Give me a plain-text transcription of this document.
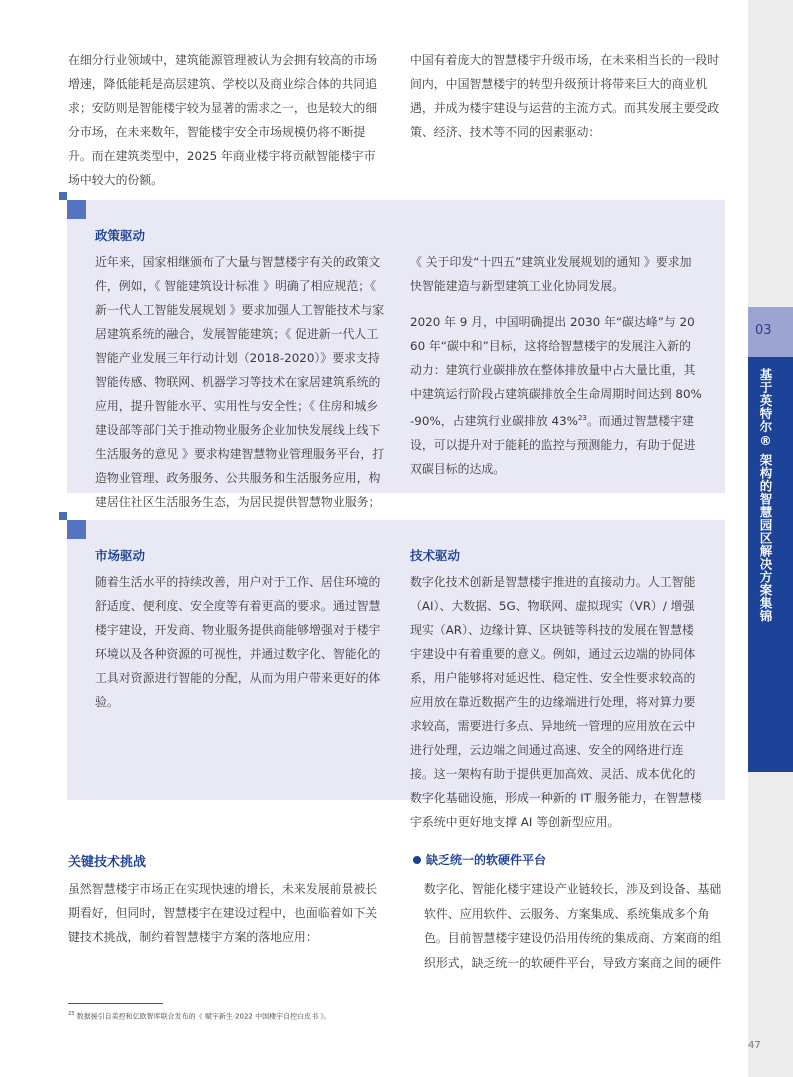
在细分行业领域中，建筑能源管理被认为会拥有较高的市场增速，降低能耗是高层建筑、学校以及商业综合体的共同追求；安防则是智能楼宇较为显著的需求之一，也是较大的细分市场，在未来数年，智能楼宇安全市场规模仍将不断提升。而在建筑类型中，2025 年商业楼宇将贡献智能楼宇市场中较大的份额。
中国有着庞大的智慧楼宇升级市场，在未来相当长的一段时间内，中国智慧楼宇的转型升级预计将带来巨大的商业机遇，并成为楼宇建设与运营的主流方式。而其发展主要受政策、经济、技术等不同的因素驱动：
政策驱动
近年来，国家相继颁布了大量与智慧楼宇有关的政策文件，例如，《 智能建筑设计标准 》明确了相应规范；《 新一代人工智能发展规划 》要求加强人工智能技术与家居建筑系统的融合，发展智能建筑；《 促进新一代人工智能产业发展三年行动计划（2018-2020）》要求支持智能传感、物联网、机器学习等技术在家居建筑系统的应用，提升智能水平、实用性与安全性；《 住房和城乡建设部等部门关于推动物业服务企业加快发展线上线下生活服务的意见 》要求构建智慧物业管理服务平台，打造物业管理、政务服务、公共服务和生活服务应用，构建居住社区生活服务生态，为居民提供智慧物业服务；
《 关于印发“十四五”建筑业发展规划的通知 》要求加快智能建造与新型建筑工业化协同发展。
2020 年 9 月，中国明确提出 2030 年“碳达峰”与 2060 年“碳中和”目标，这将给智慧楼宇的发展注入新的动力：建筑行业碳排放在整体排放量中占大量比重，其中建筑运行阶段占建筑碳排放全生命周期时间达到 80%-90%，占建筑行业碳排放 43%$^{23}$。而通过智慧楼宇建设，可以提升对于能耗的监控与预测能力，有助于促进双碳目标的达成。
市场驱动
随着生活水平的持续改善，用户对于工作、居住环境的舒适度、便利度、安全度等有着更高的要求。通过智慧楼宇建设，开发商、物业服务提供商能够增强对于楼宇环境以及各种资源的可视性，并通过数字化、智能化的工具对资源进行智能的分配，从而为用户带来更好的体验。
技术驱动
数字化技术创新是智慧楼宇推进的直接动力。人工智能（AI）、大数据、5G、物联网、虚拟现实（VR）/ 增强现实（AR）、边缘计算、区块链等科技的发展在智慧楼宇建设中有着重要的意义。例如，通过云边端的协同体系，用户能够将对延迟性、稳定性、安全性要求较高的应用放在靠近数据产生的边缘端进行处理，将对算力要求较高，需要进行多点、异地统一管理的应用放在云中进行处理，云边端之间通过高速、安全的网络进行连接。这一架构有助于提供更加高效、灵活、成本优化的数字化基础设施，形成一种新的 IT 服务能力，在智慧楼宇系统中更好地支撑 AI 等创新型应用。
关键技术挑战
虽然智慧楼宇市场正在实现快速的增长，未来发展前景被长期看好，但同时，智慧楼宇在建设过程中，也面临着如下关键技术挑战，制约着智慧楼宇方案的落地应用：
缺乏统一的软硬件平台
数字化、智能化楼宇建设产业链较长，涉及到设备、基础软件、应用软件、云服务、方案集成、系统集成多个角色。目前智慧楼宇建设仍沿用传统的集成商、方案商的组织形式，缺乏统一的软硬件平台，导致方案商之间的硬件
$^{23}$ 数据援引自美控和亿欧智库联合发布的《 赋宇新生·2022 中国楼宇自控白皮书 》。
03
基于英特尔® 架构的智慧园区解决方案集锦
47
